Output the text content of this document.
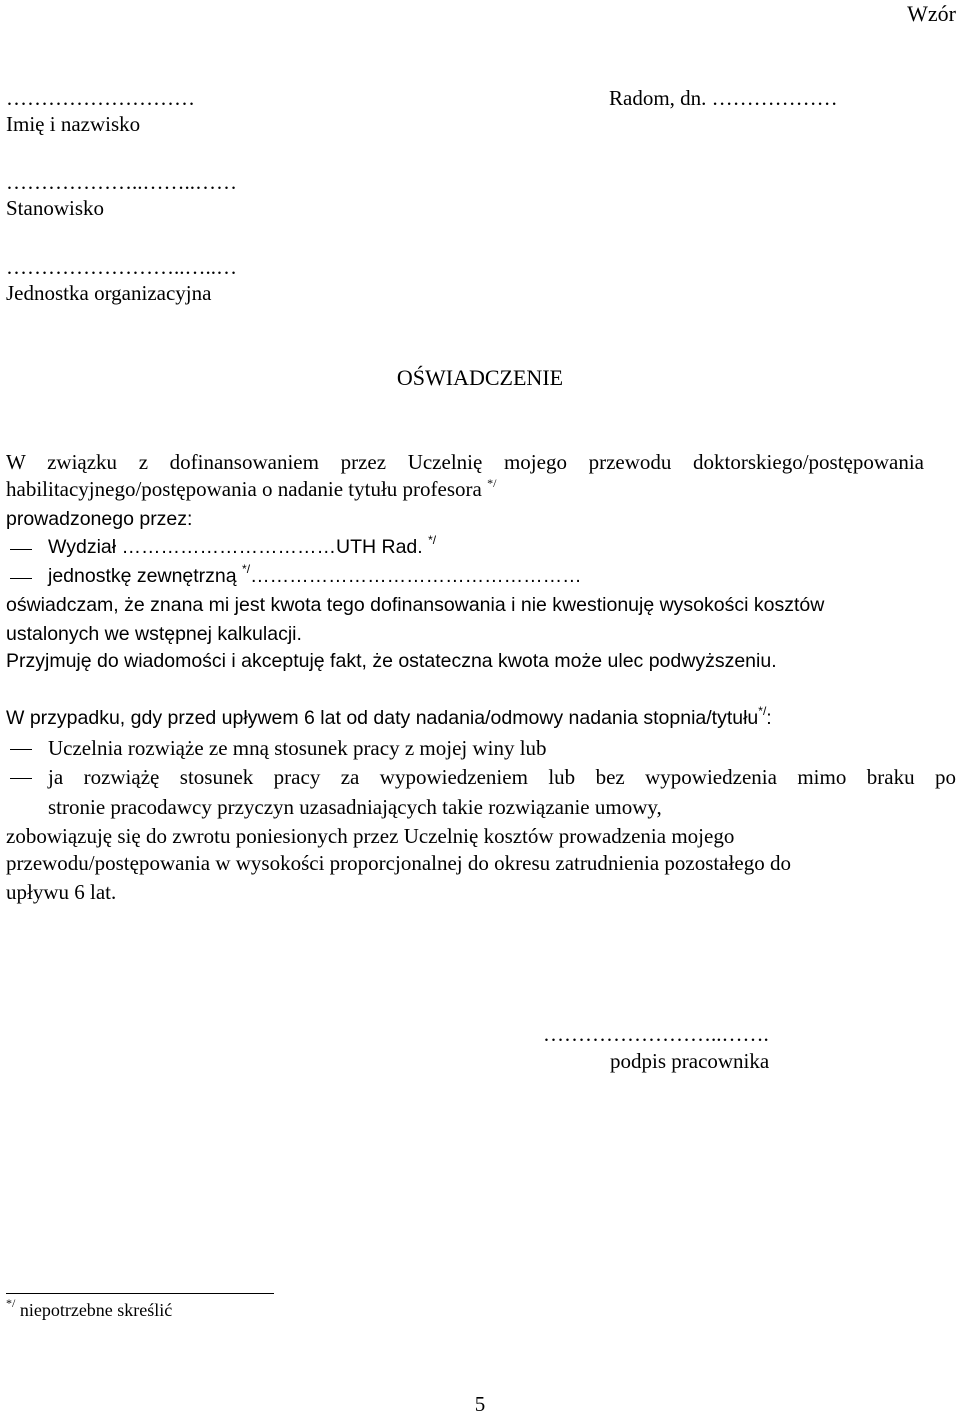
Wzór
………………………
Imię i nazwisko
Radom, dn. ………………
………………..……..……
Stanowisko
……………………..…..…
Jednostka organizacyjna
OŚWIADCZENIE
W związku z dofinansowaniem przez Uczelnię mojego przewodu doktorskiego/postępowania
habilitacyjnego/postępowania o nadanie tytułu profesora */
prowadzonego przez:
Wydział ……………………………UTH Rad. */
jednostkę zewnętrzną */……………………………………………
oświadczam, że znana mi jest kwota tego dofinansowania i nie kwestionuję wysokości kosztów
ustalonych we wstępnej kalkulacji.
Przyjmuję do wiadomości i akceptuję fakt, że ostateczna kwota może ulec podwyższeniu.
W przypadku, gdy przed upływem 6 lat od daty nadania/odmowy nadania stopnia/tytułu*/:
Uczelnia rozwiąże ze mną stosunek pracy z mojej winy lub
ja rozwiążę stosunek pracy za wypowiedzeniem lub bez wypowiedzenia mimo braku po
stronie pracodawcy przyczyn uzasadniających takie rozwiązanie umowy,
zobowiązuję się do zwrotu poniesionych przez Uczelnię kosztów prowadzenia mojego
przewodu/postępowania w wysokości proporcjonalnej do okresu zatrudnienia pozostałego do
upływu 6 lat.
……………………..…….
podpis pracownika
*/ niepotrzebne skreślić
5
